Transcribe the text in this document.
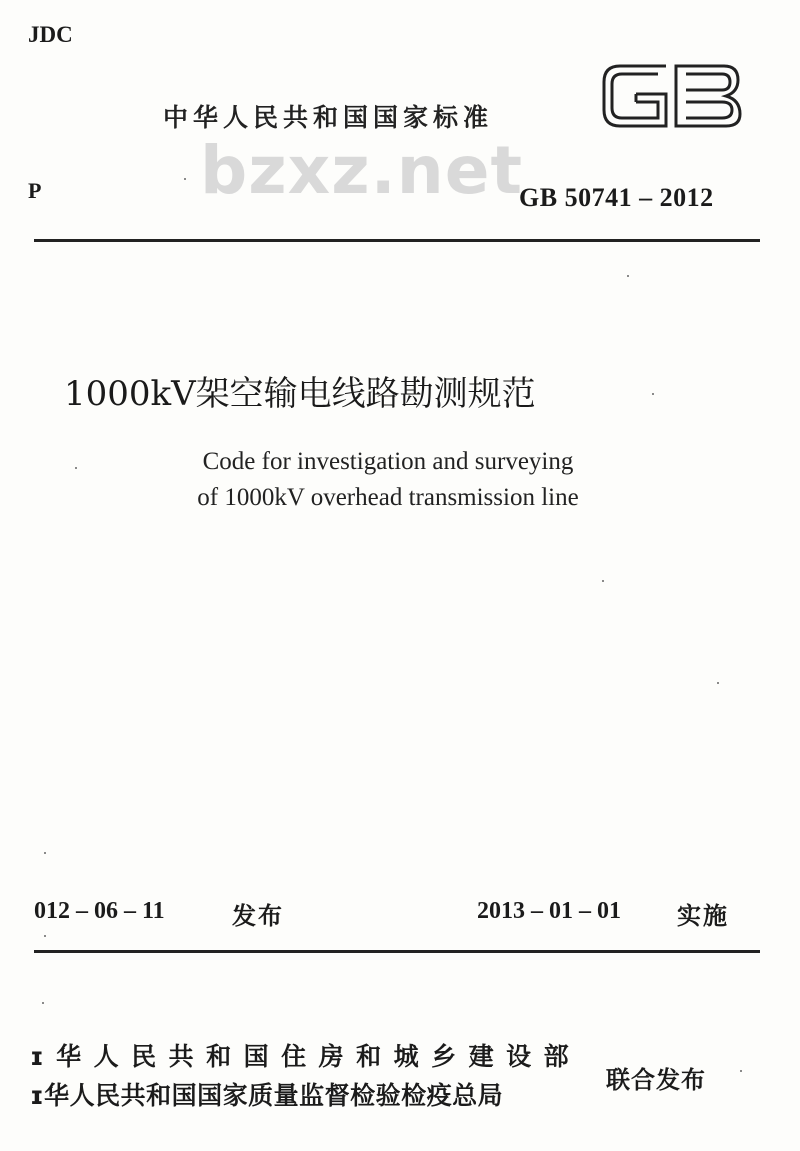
JDC
中华人民共和国国家标准
bzxz.net
P	GB 50741 – 2012
1000kV架空输电线路勘测规范
Code for investigation and surveying
of 1000kV overhead transmission line
012 – 06 – 11	发布	2013 – 01 – 01 实施
ɪ华人民共和国住房和城乡建设部
ɪ华人民共和国国家质量监督检验检疫总局
联合发布
